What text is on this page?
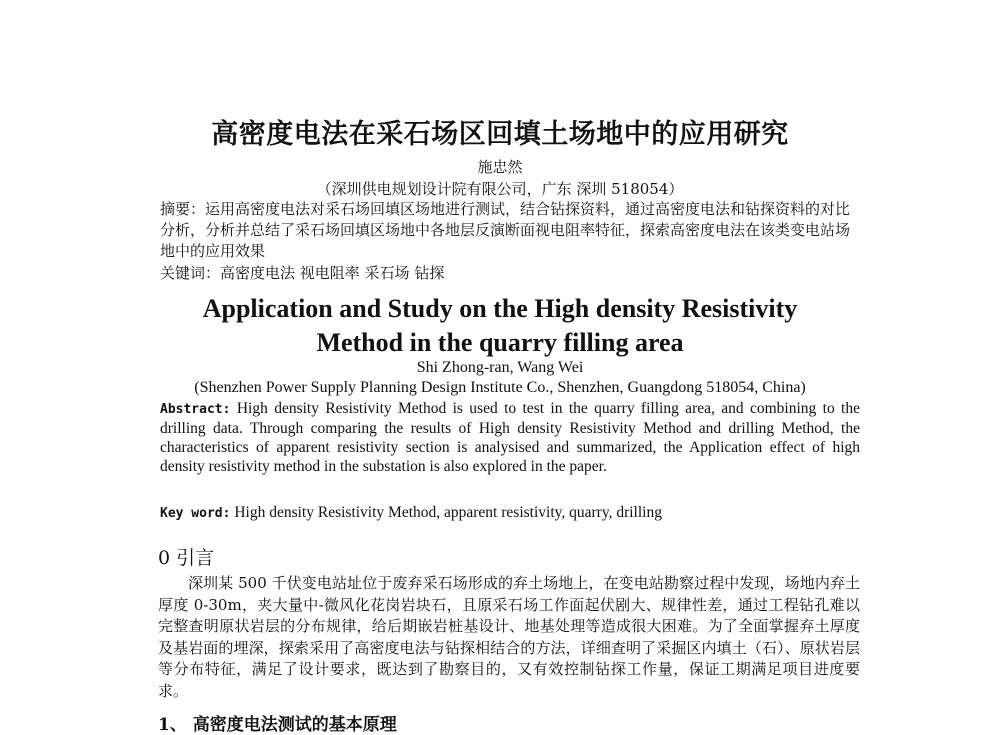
高密度电法在采石场区回填土场地中的应用研究
施忠然
（深圳供电规划设计院有限公司，广东 深圳 518054）
摘要：运用高密度电法对采石场回填区场地进行测试，结合钻探资料，通过高密度电法和钻探资料的对比分析，分析并总结了采石场回填区场地中各地层反演断面视电阻率特征，探索高密度电法在该类变电站场地中的应用效果
关键词：高密度电法 视电阻率 采石场 钻探
Application and Study on the High density Resistivity Method in the quarry filling area
Shi Zhong-ran, Wang Wei
(Shenzhen Power Supply Planning Design Institute Co., Shenzhen, Guangdong 518054, China)
Abstract: High density Resistivity Method is used to test in the quarry filling area, and combining to the drilling data. Through comparing the results of High density Resistivity Method and drilling Method, the characteristics of apparent resistivity section is analysised and summarized, the Application effect of high density resistivity method in the substation is also explored in the paper.
Key word: High density Resistivity Method, apparent resistivity, quarry, drilling
0 引言
深圳某 500 千伏变电站址位于废弃采石场形成的弃土场地上，在变电站勘察过程中发现，场地内弃土厚度 0-30m，夹大量中-微风化花岗岩块石，且原采石场工作面起伏剧大、规律性差，通过工程钻孔难以完整查明原状岩层的分布规律，给后期嵌岩桩基设计、地基处理等造成很大困难。为了全面掌握弃土厚度及基岩面的埋深，探索采用了高密度电法与钻探相结合的方法，详细查明了采掘区内填土（石）、原状岩层等分布特征，满足了设计要求，既达到了勘察目的，又有效控制钻探工作量，保证工期满足项目进度要求。
1、 高密度电法测试的基本原理
